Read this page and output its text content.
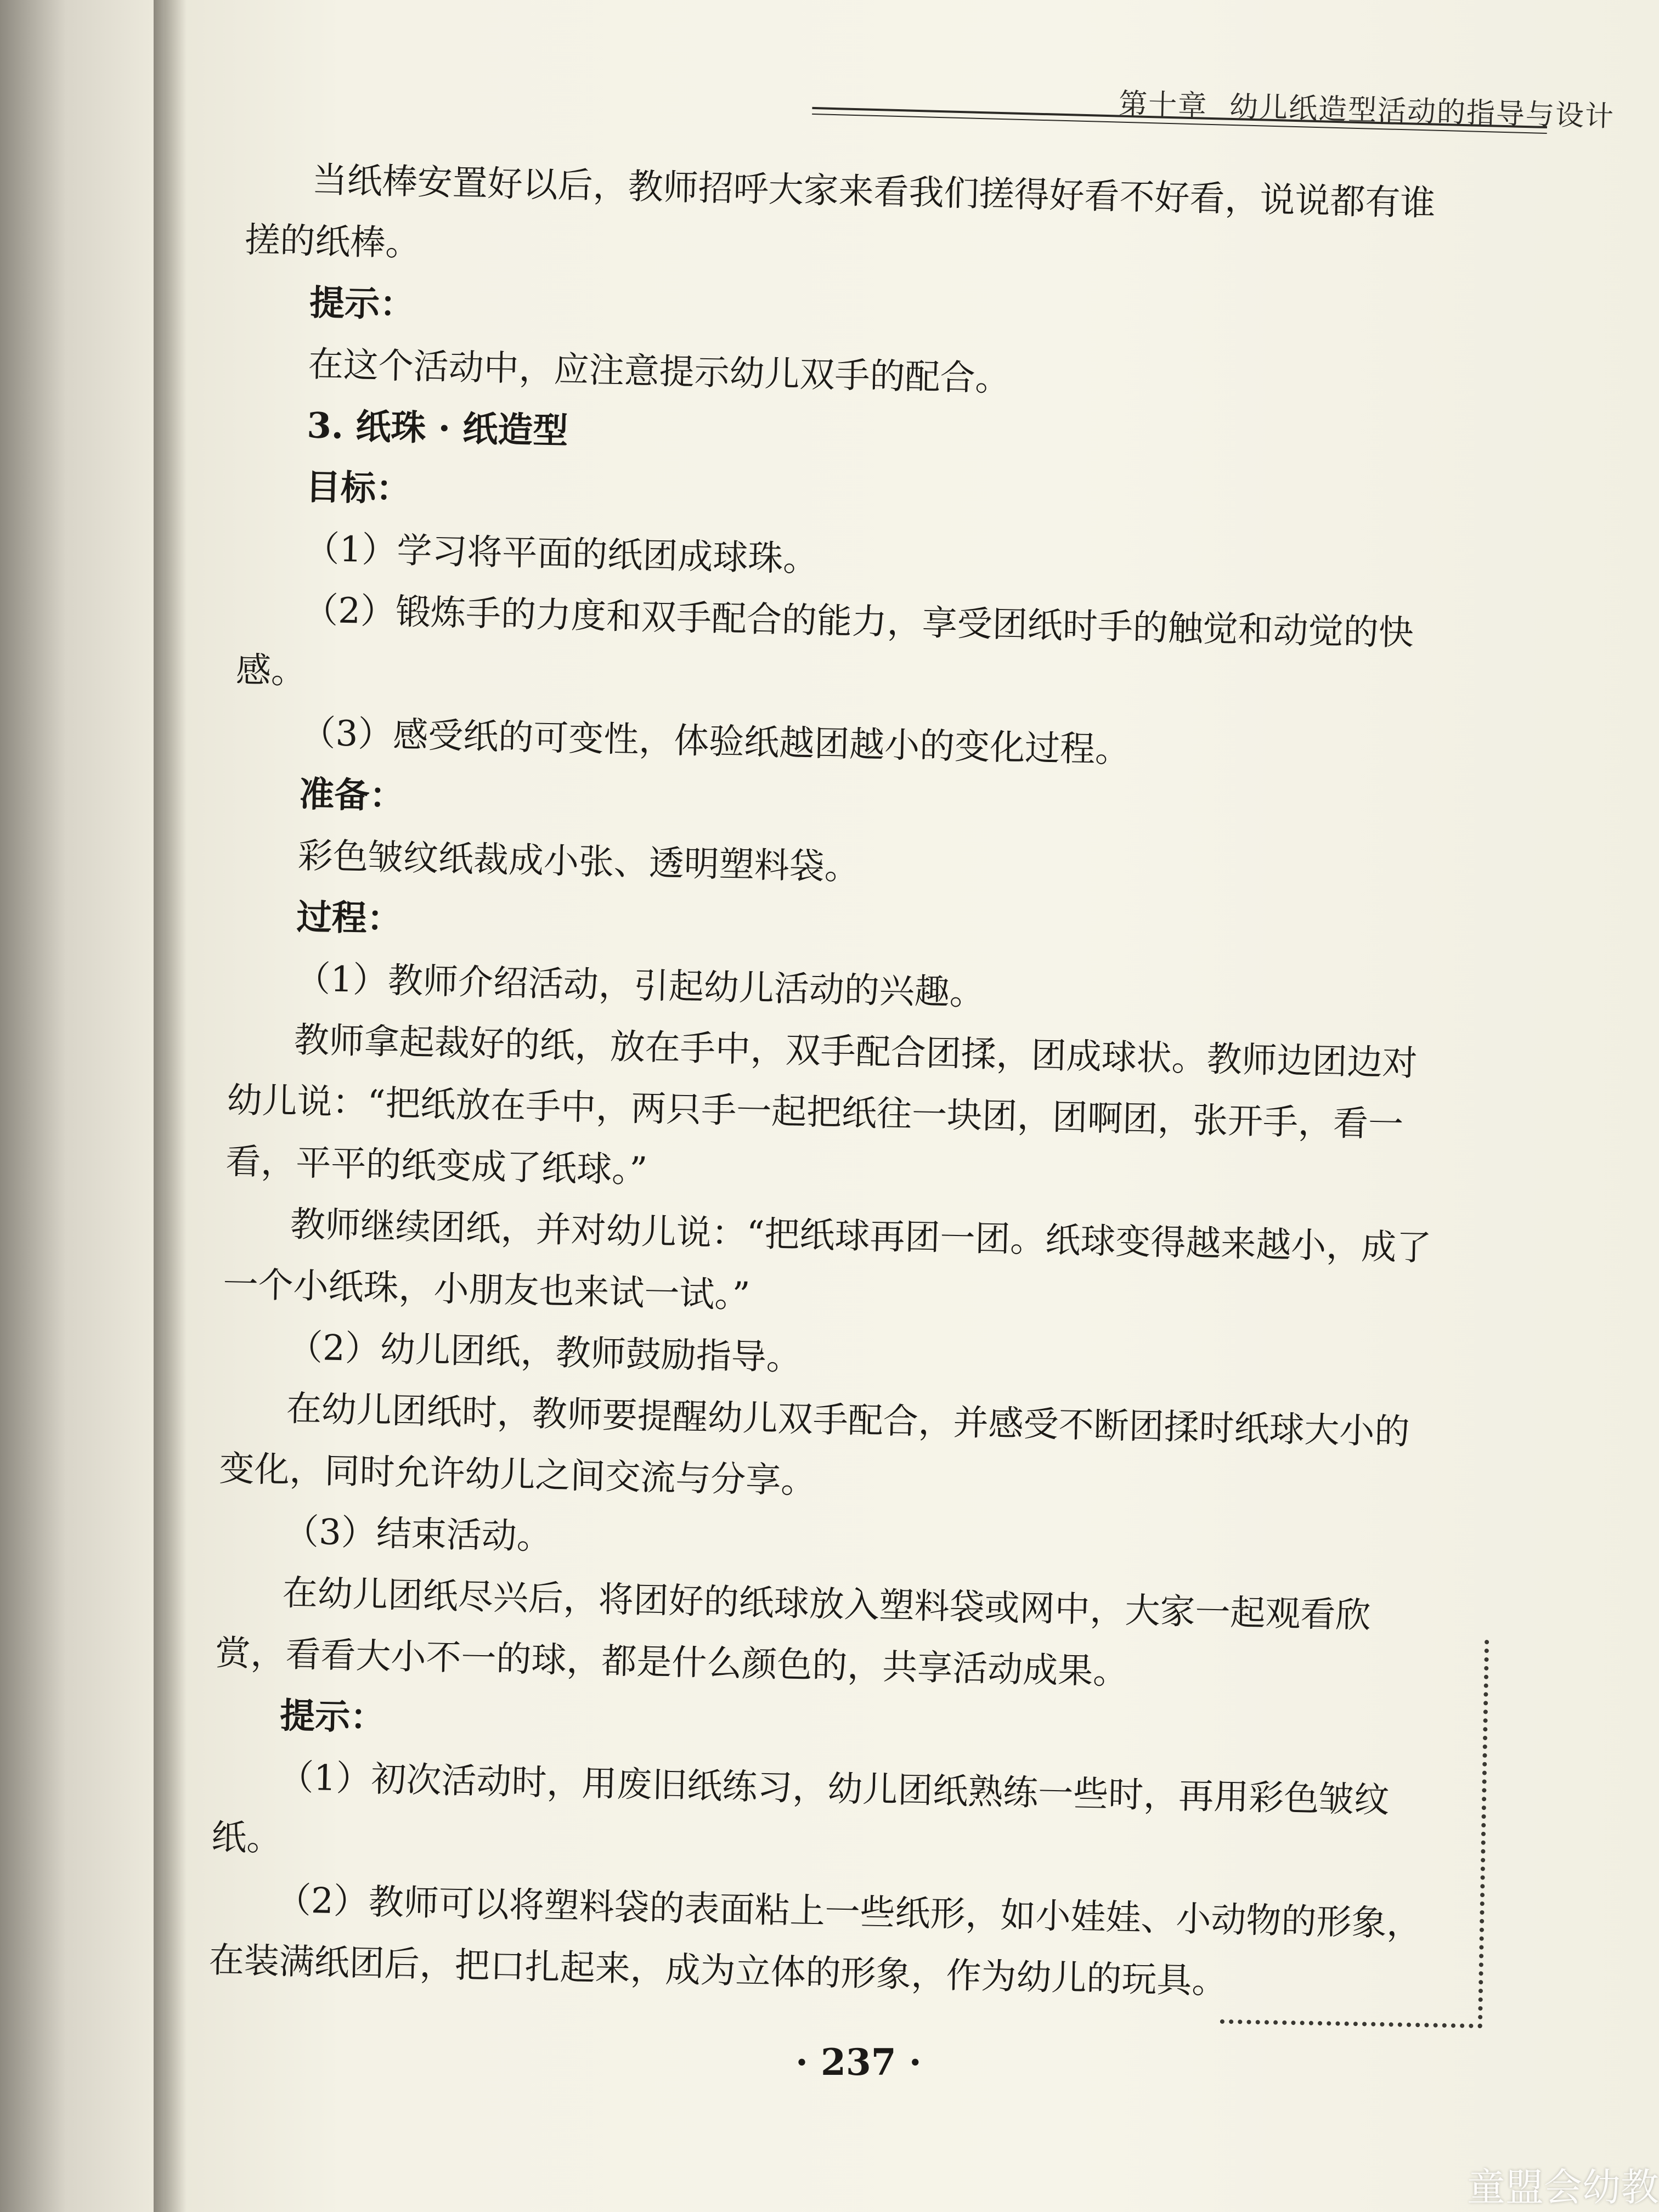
第十章 幼儿纸造型活动的指导与设计

当纸棒安置好以后，教师招呼大家来看我们搓得好看不好看，说说都有谁搓的纸棒。

提示：

在这个活动中，应注意提示幼儿双手的配合。

3. 纸珠 · 纸造型

目标：

（1）学习将平面的纸团成球珠。

（2）锻炼手的力度和双手配合的能力，享受团纸时手的触觉和动觉的快感。

（3）感受纸的可变性，体验纸越团越小的变化过程。

准备：

彩色皱纹纸裁成小张、透明塑料袋。

过程：

（1）教师介绍活动，引起幼儿活动的兴趣。

教师拿起裁好的纸，放在手中，双手配合团揉，团成球状。教师边团边对幼儿说：“把纸放在手中，两只手一起把纸往一块团，团啊团，张开手，看一看，平平的纸变成了纸球。”

教师继续团纸，并对幼儿说：“把纸球再团一团。纸球变得越来越小，成了一个小纸珠，小朋友也来试一试。”

（2）幼儿团纸，教师鼓励指导。

在幼儿团纸时，教师要提醒幼儿双手配合，并感受不断团揉时纸球大小的变化，同时允许幼儿之间交流与分享。

（3）结束活动。

在幼儿团纸尽兴后，将团好的纸球放入塑料袋或网中，大家一起观看欣赏，看看大小不一的球，都是什么颜色的，共享活动成果。

提示：

（1）初次活动时，用废旧纸练习，幼儿团纸熟练一些时，再用彩色皱纹纸。

（2）教师可以将塑料袋的表面粘上一些纸形，如小娃娃、小动物的形象，在装满纸团后，把口扎起来，成为立体的形象，作为幼儿的玩具。

· 237 ·
童盟会幼教
